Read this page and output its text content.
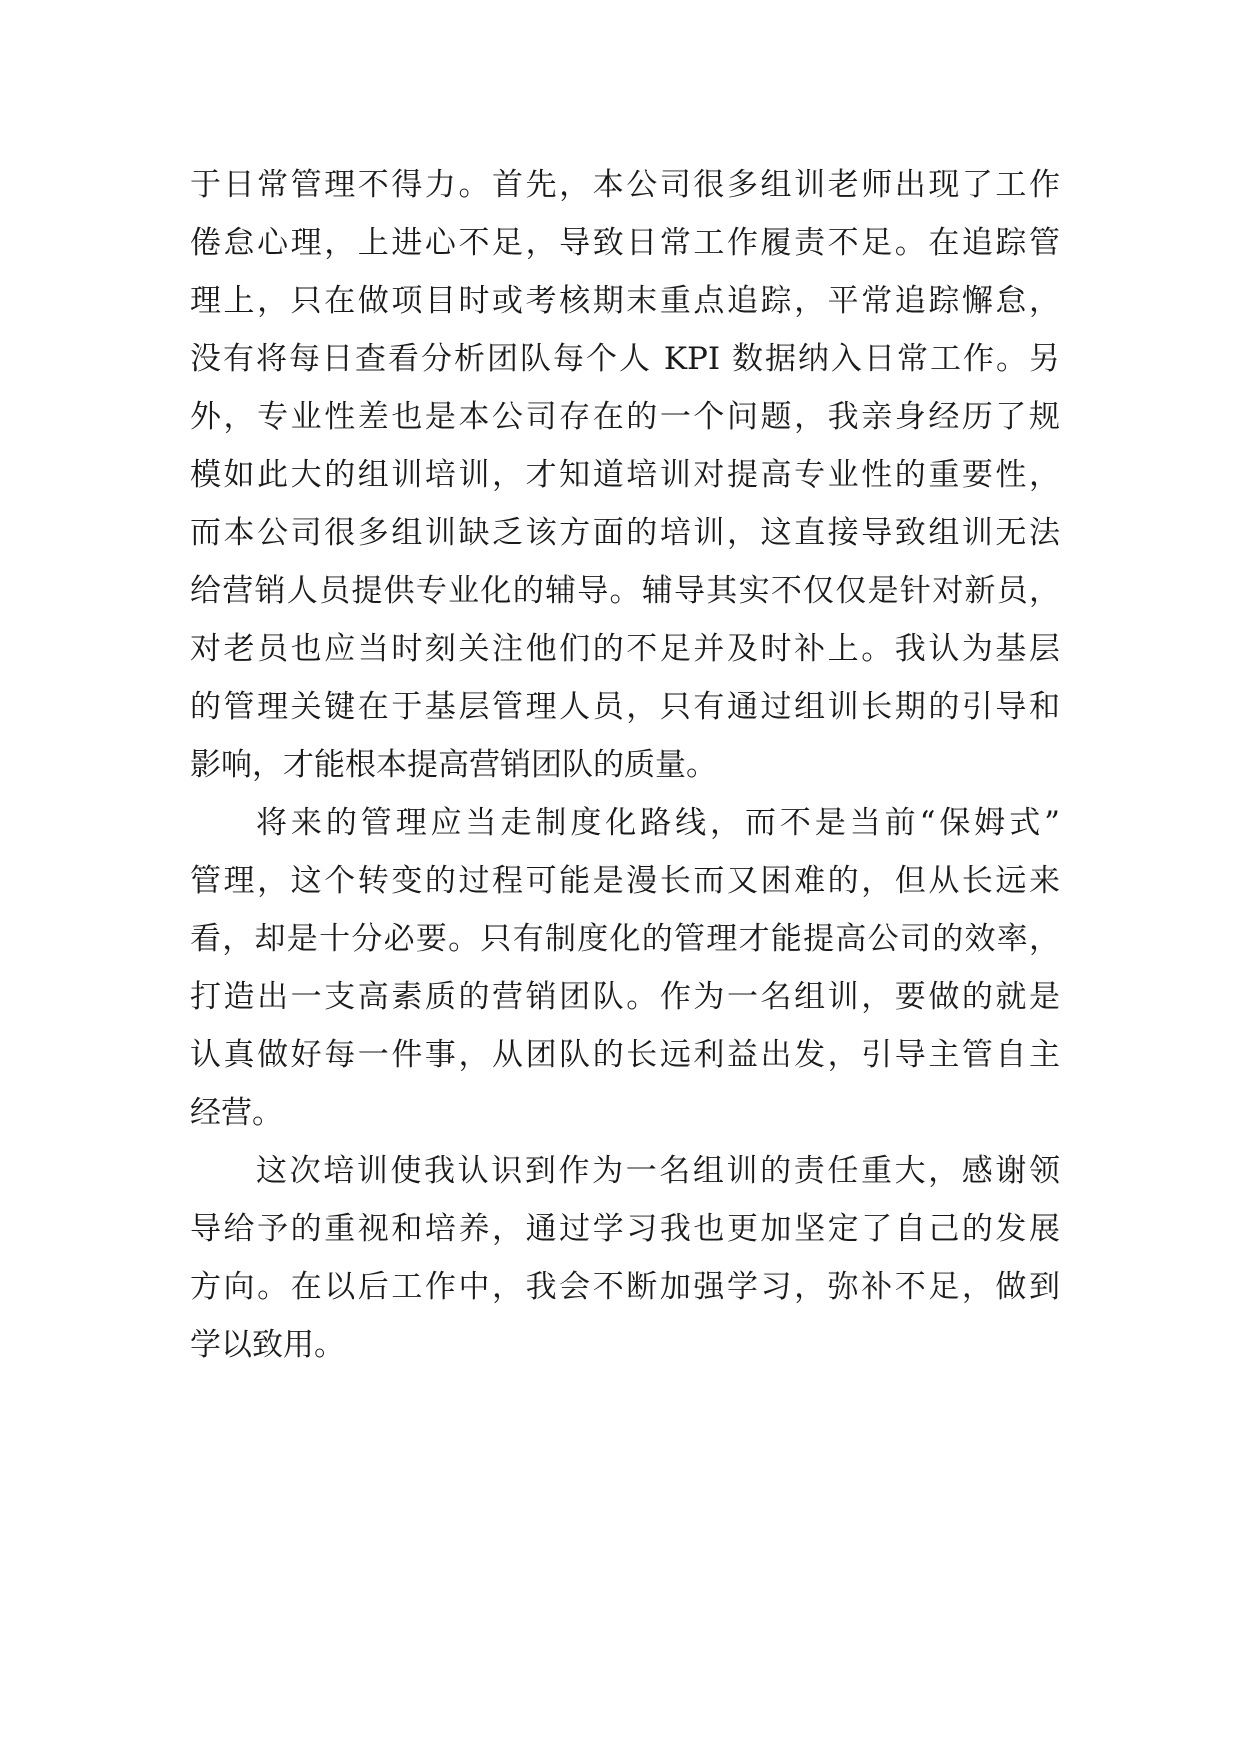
于日常管理不得力。首先，本公司很多组训老师出现了工作
倦怠心理，上进心不足，导致日常工作履责不足。在追踪管
理上，只在做项目时或考核期末重点追踪，平常追踪懈怠，
没有将每日查看分析团队每个人 KPI 数据纳入日常工作。另
外，专业性差也是本公司存在的一个问题，我亲身经历了规
模如此大的组训培训，才知道培训对提高专业性的重要性，
而本公司很多组训缺乏该方面的培训，这直接导致组训无法
给营销人员提供专业化的辅导。辅导其实不仅仅是针对新员，
对老员也应当时刻关注他们的不足并及时补上。我认为基层
的管理关键在于基层管理人员，只有通过组训长期的引导和
影响，才能根本提高营销团队的质量。
将来的管理应当走制度化路线，而不是当前“保姆式”
管理，这个转变的过程可能是漫长而又困难的，但从长远来
看，却是十分必要。只有制度化的管理才能提高公司的效率，
打造出一支高素质的营销团队。作为一名组训，要做的就是
认真做好每一件事，从团队的长远利益出发，引导主管自主
经营。
这次培训使我认识到作为一名组训的责任重大，感谢领
导给予的重视和培养，通过学习我也更加坚定了自己的发展
方向。在以后工作中，我会不断加强学习，弥补不足，做到
学以致用。
